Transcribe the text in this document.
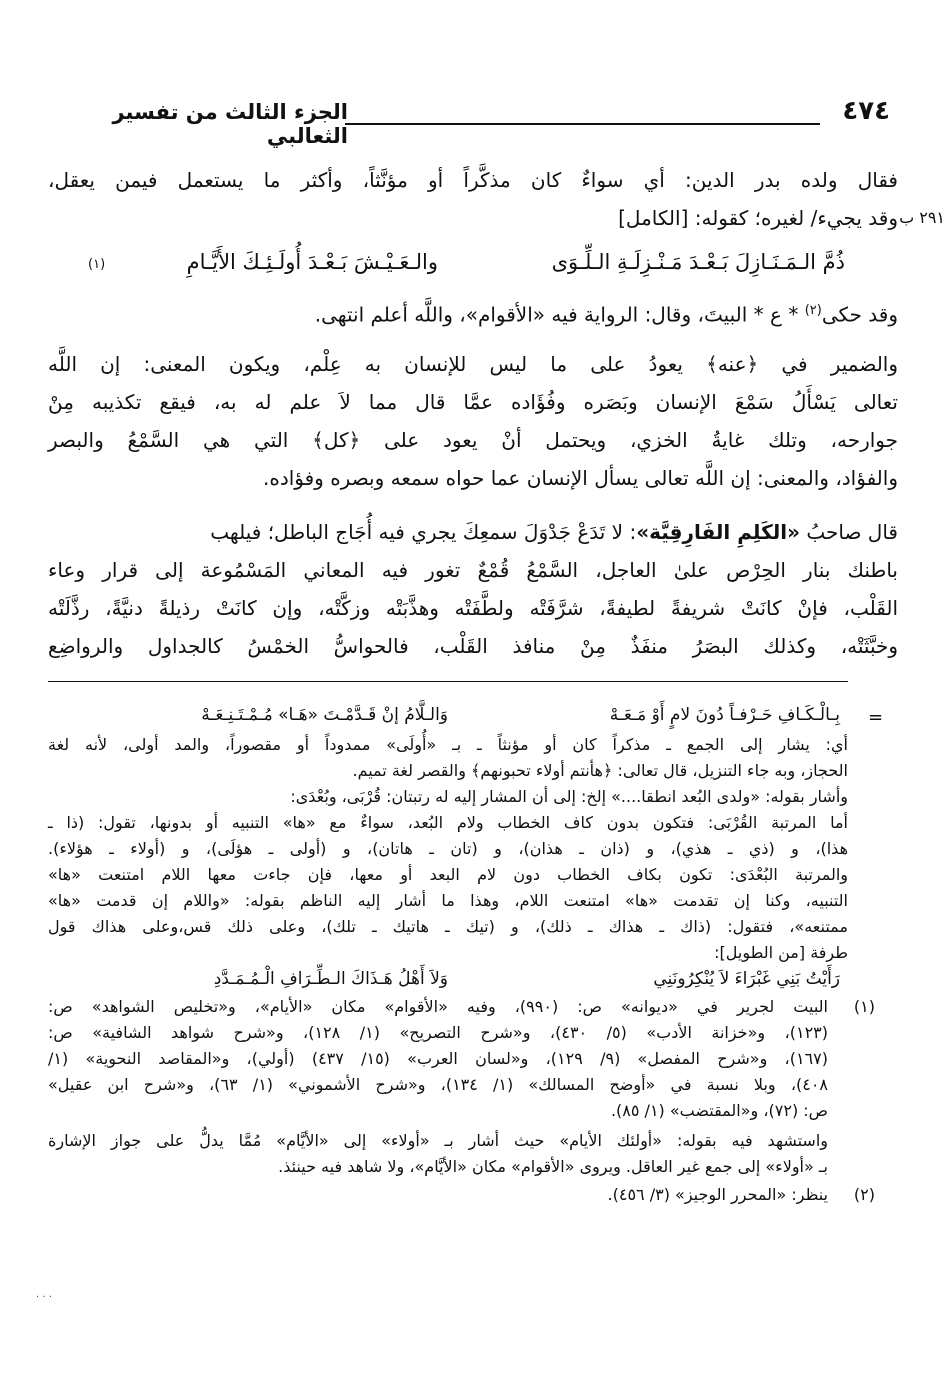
٤٧٤
الجزء الثالث من تفسير الثعالبي
٢٩١ ب
فقال ولده بدر الدين: أي سواءٌ كان مذكَّراً أو مؤنَّثاً، وأكثر ما يستعمل فيمن يعقل،
وقد يجيء/ لغيره؛ كقوله: [الكامل]
ذُمَّ الـمَـنَـازِلَ بَـعْـدَ مَـنْـزِلَـةِ الـلِّـوَى
(١)	والـعَـيْـشَ بَـعْـدَ أُولَـئِـكَ الأَيَّـامِ
وقد حكى$^{(٢)}$ * ع * البيتَ، وقال: الرواية فيه «الأقوام»، واللَّه أعلم انتهى.
والضمير في ﴿عنه﴾ يعودُ على ما ليس للإنسان به عِلْم، ويكون المعنى: إن اللَّه
تعالى يَسْأَلُ سَمْعَ الإنسان وبَصَره وفُؤَاده عمَّا قال مما لاَ علم له به، فيقع تكذيبه مِنْ
جوارحه، وتلك غايةُ الخزي، ويحتمل أنْ يعود على ﴿كل﴾ التي هي السَّمْعُ والبصر
والفؤاد، والمعنى: إن اللَّه تعالى يسأل الإنسان عما حواه سمعه وبصره وفؤاده.
قال صاحبُ «الكَلِمِ الفَارِقِيَّة»: لا تَدَعْ جَدْوَلَ سمعِكَ يجري فيه أُجَاج الباطل؛ فيلهب
باطنك بنار الحِرْص علىٰ العاجل، السَّمْعُ قُمْعٌ تغور فيه المعاني المَسْمُوعة إلى قرار وعاء
القَلْب، فإنْ كانَتْ شريفةً لطيفةً، شرَّفَتْه ولطَّفَتْه وهذَّبَتْه وزكَّتْه، وإن كانَتْ رذيلةً دنيَّةً، رذَّلَتْه
وخبَّثَتْه، وكذلك البصَرُ منفَذٌ مِنْ منافذ القَلْب، فالحواسُّ الخمْسُ كالجداول والرواضِع
=
بِـالْـكَـافِ حَـرْفـاً دُونَ لامٍ أَوْ مَـعَـهْ
وَالـلَّامُ إنْ قَـدَّمْـتَ «هَـا» مُـمْـتَـنِـعَـهْ
أي: يشار إلى الجمع ـ مذكراً كان أو مؤنثاً ـ بـ «أُولَى» ممدوداً أو مقصوراً، والمد أولى، لأنه لغة
الحجاز، وبه جاء التنزيل، قال تعالى: ﴿هأنتم أولاء تحبونهم﴾ والقصر لغة تميم.
وأشار بقوله: «ولدى البُعد انطقا....» إلخ: إلى أن المشار إليه له رتبتان: قُرْبَى، وبُعْدَى:
أما المرتبة القُرْبَى: فتكون بدون كاف الخطاب ولام البُعد، سواءٌ مع «ها» التنبيه أو بدونها، تقول: (ذا ـ
هذا)، و (ذي ـ هذي)، و (ذان ـ هذان)، و (تان ـ هاتان)، و (أولى ـ هؤلَى)، و (أولاء ـ هؤلاء).
والمرتبة البُعْدَى: تكون بكاف الخطاب دون لام البعد أو معها، فإن جاءت معها اللام امتنعت «ها»
التنبيه، وكنا إن تقدمت «ها» امتنعت اللام، وهذا ما أشار إليه الناظم بقوله: «واللام إن قدمت «ها»
ممتنعه»، فتقول: (ذاك ـ هذاك ـ ذلك)، و (تيك ـ هاتيك ـ تلك)، وعلى ذلك قس،وعلى هذاك قول
طرفة [من الطويل]:
رَأَيْتُ بَنِي غَبْرَاءَ لاَ يُنْكِرُونَنِي
وَلاَ أَهْلُ هَـذَاكَ الـطِّـرَافِ الْـمُـمَـدَّدِ
(١)
البيت لجرير في «ديوانه» ص: (٩٩٠)، وفيه «الأقوام» مكان «الأيام»، و«تخليص الشواهد» ص:
(١٢٣)، و«خزانة الأدب» (٥/ ٤٣٠)، و«شرح التصريح» (١/ ١٢٨)، و«شرح شواهد الشافية» ص:
(١٦٧)، و«شرح المفصل» (٩/ ١٢٩)، و«لسان العرب» (١٥/ ٤٣٧) (أولي)، و«المقاصد النحوية» (١/
٤٠٨)، وبلا نسبة في «أوضح المسالك» (١/ ١٣٤)، و«شرح الأشموني» (١/ ٦٣)، و«شرح ابن عقيل»
ص: (٧٢)، و«المقتضب» (١/ ٨٥).
واستشهد فيه بقوله: «أولئك الأيام» حيث أشار بـ «أولاء» إلى «الأيَّام» مُمَّا يدلُّ على جواز الإشارة
بـ «أولاء» إلى جمع غير العاقل. ويروى «الأقوام» مكان «الأيَّام»، ولا شاهد فيه حينئذ.
(٢)
ينظر: «المحرر الوجيز» (٣/ ٤٥٦).
· · ·
